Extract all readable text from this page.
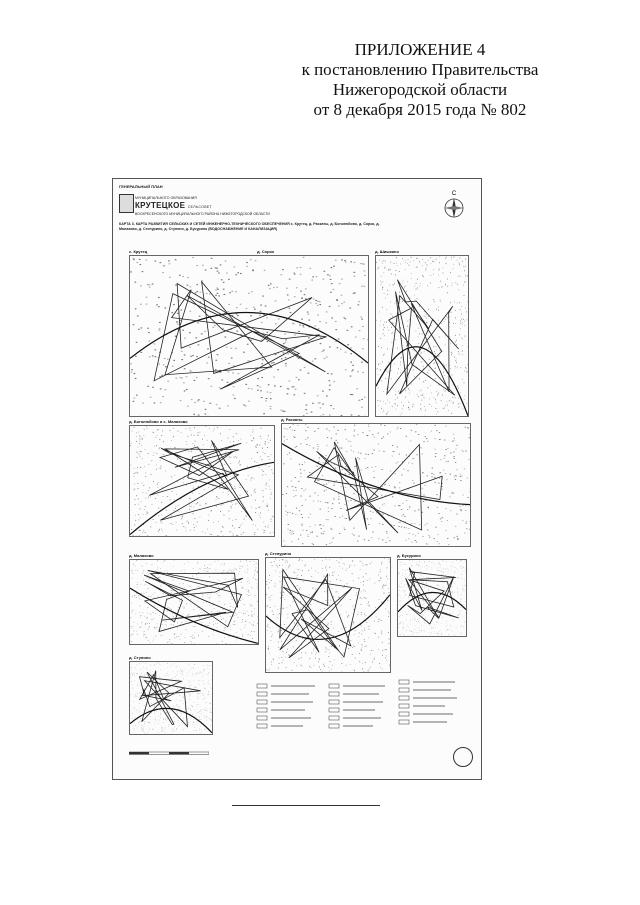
ПРИЛОЖЕНИЕ 4
к постановлению Правительства
Нижегородской области
от 8 декабря 2015 года № 802
ГЕНЕРАЛЬНЫЙ ПЛАН
МУНИЦИПАЛЬНОГО ОБРАЗОВАНИЯ
КРУТЕЦКОЕ СЕЛЬСОВЕТ
ВОСКРЕСЕНСКОГО МУНИЦИПАЛЬНОГО РАЙОНА НИЖЕГОРОДСКОЙ ОБЛАСТИ
КАРТА 3. КАРТА РАЗВИТИЯ СЕЛЬСКИХ И СЕТЕЙ ИНЖЕНЕРНО-ТЕХНИЧЕСКОГО ОБЕСПЕЧЕНИЯ с. Крутец, д. Раскаты, д. Боголюбово, д. Сорок, д. Малахово, д. Степурино, д. Ступино, д. Бусурино (ВОДОСНАБЖЕНИЕ И КАНАЛИЗАЦИЯ)
С
с. Крутец	д. Сорок	д. Шишкино
д. Боголюбово и с. Малахово	д. Раскаты
д. Малахово	д. Степурино	д. Бусурино
д. Ступино
